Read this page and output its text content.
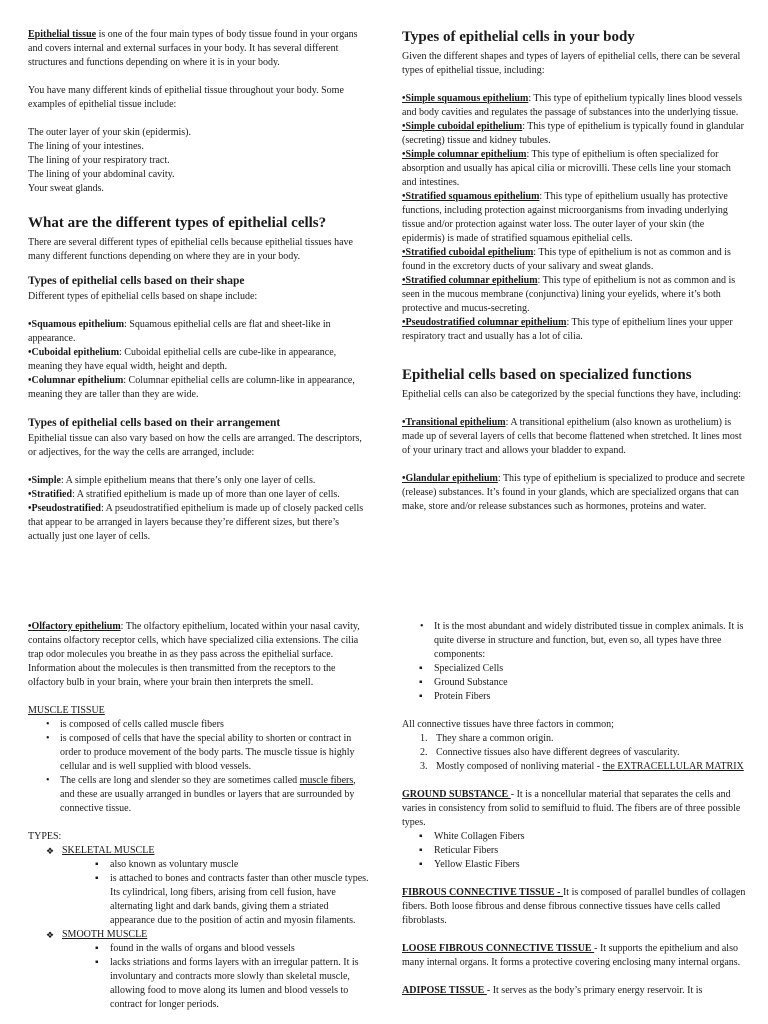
Epithelial tissue is one of the four main types of body tissue found in your organs and covers internal and external surfaces in your body. It has several different structures and functions depending on where it is in your body.

You have many different kinds of epithelial tissue throughout your body. Some examples of epithelial tissue include:

The outer layer of your skin (epidermis).
The lining of your intestines.
The lining of your respiratory tract.
The lining of your abdominal cavity.
Your sweat glands.
What are the different types of epithelial cells?

There are several different types of epithelial cells because epithelial tissues have many different functions depending on where they are in your body.

Types of epithelial cells based on their shape

Different types of epithelial cells based on shape include:

•Squamous epithelium: Squamous epithelial cells are flat and sheet-like in appearance.
•Cuboidal epithelium: Cuboidal epithelial cells are cube-like in appearance, meaning they have equal width, height and depth.
•Columnar epithelium: Columnar epithelial cells are column-like in appearance, meaning they are taller than they are wide.
Types of epithelial cells based on their arrangement

Epithelial tissue can also vary based on how the cells are arranged. The descriptors, or adjectives, for the way the cells are arranged, include:

•Simple: A simple epithelium means that there’s only one layer of cells.
•Stratified: A stratified epithelium is made up of more than one layer of cells.
•Pseudostratified: A pseudostratified epithelium is made up of closely packed cells that appear to be arranged in layers because they’re different sizes, but there’s actually just one layer of cells.
Types of epithelial cells in your body

Given the different shapes and types of layers of epithelial cells, there can be several types of epithelial tissue, including:

•Simple squamous epithelium: This type of epithelium typically lines blood vessels and body cavities and regulates the passage of substances into the underlying tissue.
•Simple cuboidal epithelium: This type of epithelium is typically found in glandular (secreting) tissue and kidney tubules.
•Simple columnar epithelium: This type of epithelium is often specialized for absorption and usually has apical cilia or microvilli. These cells line your stomach and intestines.
•Stratified squamous epithelium: This type of epithelium usually has protective functions, including protection against microorganisms from invading underlying tissue and/or protection against water loss. The outer layer of your skin (the epidermis) is made of stratified squamous epithelial cells.
•Stratified cuboidal epithelium: This type of epithelium is not as common and is found in the excretory ducts of your salivary and sweat glands.
•Stratified columnar epithelium: This type of epithelium is not as common and is seen in the mucous membrane (conjunctiva) lining your eyelids, where it’s both protective and mucus-secreting.
•Pseudostratified columnar epithelium: This type of epithelium lines your upper respiratory tract and usually has a lot of cilia.
Epithelial cells based on specialized functions

Epithelial cells can also be categorized by the special functions they have, including:

•Transitional epithelium: A transitional epithelium (also known as urothelium) is made up of several layers of cells that become flattened when stretched. It lines most of your urinary tract and allows your bladder to expand.

•Glandular epithelium: This type of epithelium is specialized to produce and secrete (release) substances. It’s found in your glands, which are specialized organs that can make, store and/or release substances such as hormones, proteins and water.

•Olfactory epithelium: The olfactory epithelium, located within your nasal cavity, contains olfactory receptor cells, which have specialized cilia extensions. The cilia trap odor molecules you breathe in as they pass across the epithelial surface. Information about the molecules is then transmitted from the receptors to the olfactory bulb in your brain, where your brain then interprets the smell.

MUSCLE TISSUE
• is composed of cells called muscle fibers
• is composed of cells that have the special ability to shorten or contract in order to produce movement of the body parts. The muscle tissue is highly cellular and is well supplied with blood vessels.
• The cells are long and slender so they are sometimes called muscle fibers, and these are usually arranged in bundles or layers that are surrounded by connective tissue.
TYPES:
❖ SKELETAL MUSCLE
▪ also known as voluntary muscle
▪ is attached to bones and contracts faster than other muscle types. Its cylindrical, long fibers, arising from cell fusion, have alternating light and dark bands, giving them a striated appearance due to the position of actin and myosin filaments.
❖ SMOOTH MUSCLE
▪ found in the walls of organs and blood vessels
▪ lacks striations and forms layers with an irregular pattern. It is involuntary and contracts more slowly than skeletal muscle, allowing food to move along its lumen and blood vessels to contract for longer periods.
• It is the most abundant and widely distributed tissue in complex animals. It is quite diverse in structure and function, but, even so, all types have three components:
▪ Specialized Cells
▪ Ground Substance
▪ Protein Fibers
All connective tissues have three factors in common;
1. They share a common origin.
2. Connective tissues also have different degrees of vascularity.
3. Mostly composed of nonliving material - the EXTRACELLULAR MATRIX
GROUND SUBSTANCE - It is a noncellular material that separates the cells and varies in consistency from solid to semifluid to fluid. The fibers are of three possible types.
▪ White Collagen Fibers
▪ Reticular Fibers
▪ Yellow Elastic Fibers

FIBROUS CONNECTIVE TISSUE - It is composed of parallel bundles of collagen fibers. Both loose fibrous and dense fibrous connective tissues have cells called fibroblasts.

LOOSE FIBROUS CONNECTIVE TISSUE - It supports the epithelium and also many internal organs. It forms a protective covering enclosing many internal organs.

ADIPOSE TISSUE - It serves as the body’s primary energy reservoir. It is
